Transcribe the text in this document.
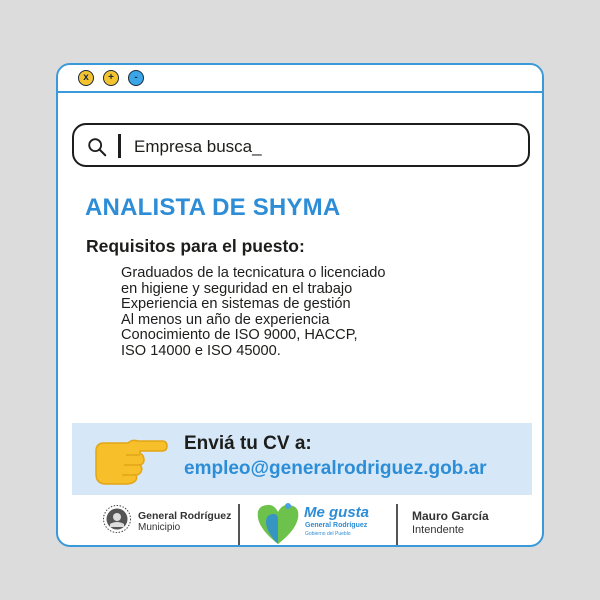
x	+	-
Empresa busca_
ANALISTA DE SHYMA
Requisitos para el puesto:
Graduados de la tecnicatura o licenciado
en higiene y seguridad en el trabajo
Experiencia en sistemas de gestión
Al menos un año de experiencia
Conocimiento de ISO 9000, HACCP,
ISO 14000 e ISO 45000.
Enviá tu CV a:
empleo@generalrodriguez.gob.ar
General Rodríguez
Municipio
Me gusta
General Rodríguez
Gobierno del Pueblo
Mauro García
Intendente
